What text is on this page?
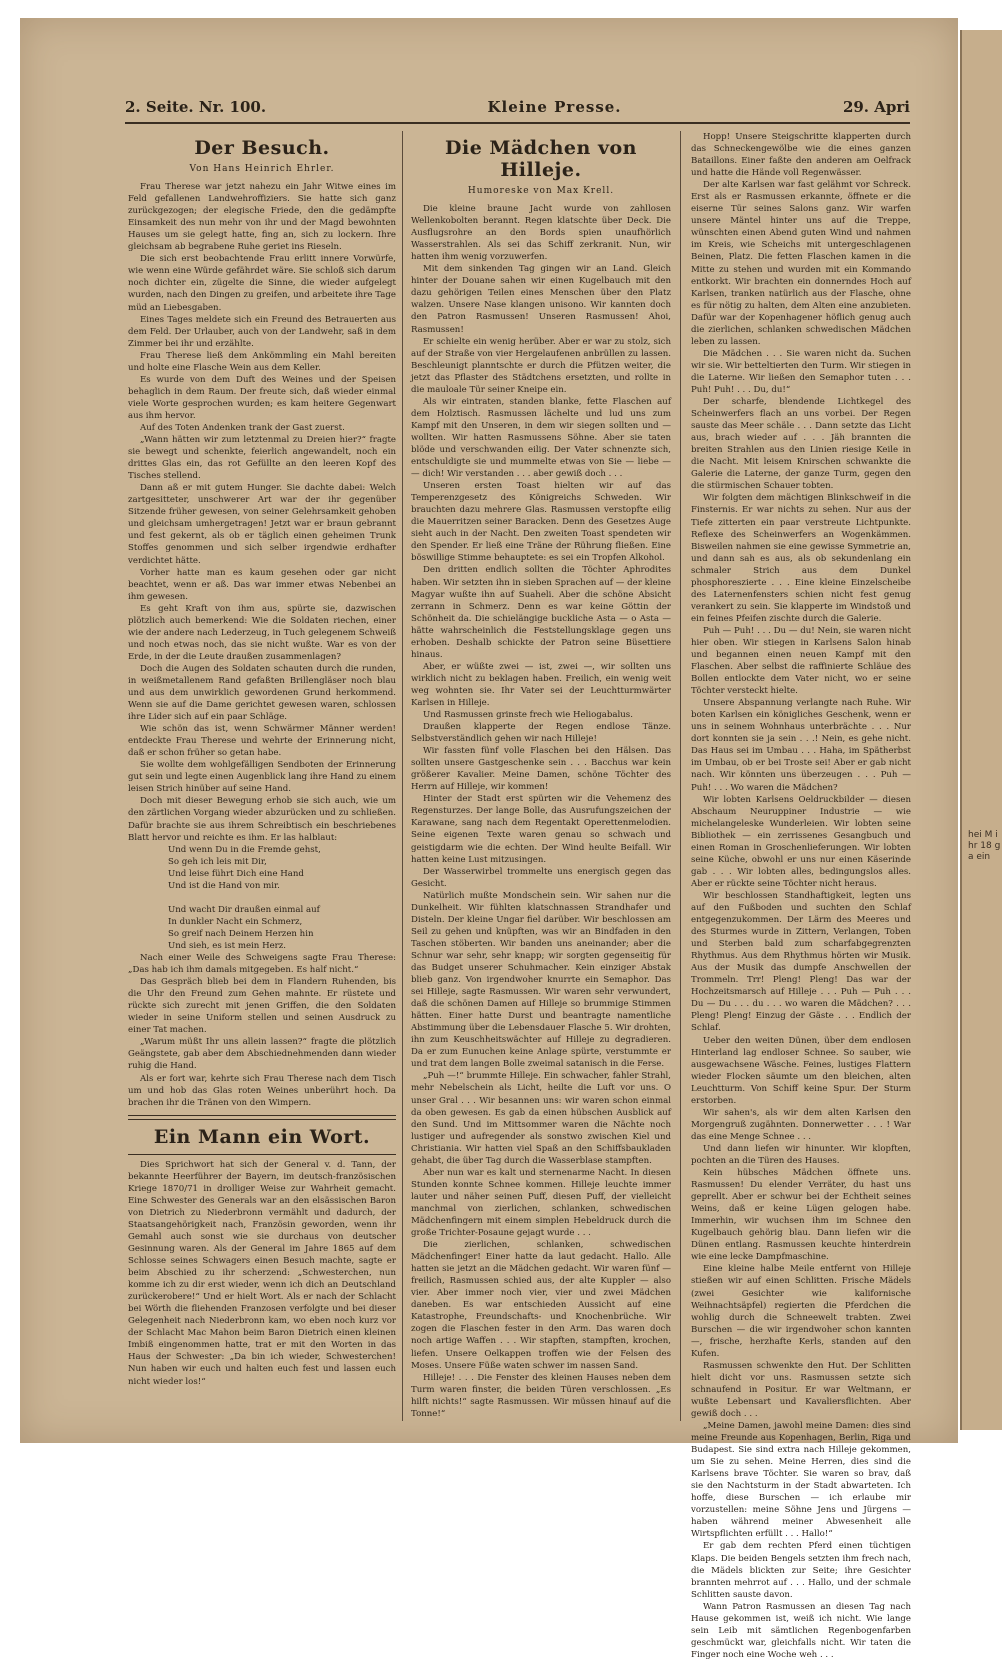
2. Seite. Nr. 100.	Kleine Presse.	29. Apri
Der Besuch.
Von Hans Heinrich Ehrler.

Frau Therese war jetzt nahezu ein Jahr Witwe eines im Feld gefallenen Landwehroffiziers. Sie hatte sich ganz zurückgezogen; der elegische Friede, den die gedämpfte Einsamkeit des nun mehr von ihr und der Magd bewohnten Hauses um sie gelegt hatte, fing an, sich zu lockern. Ihre gleichsam ab begrabene Ruhe geriet ins Rieseln.

Die sich erst beobachtende Frau erlitt innere Vorwürfe, wie wenn eine Würde gefährdet wäre. Sie schloß sich darum noch dichter ein, zügelte die Sinne, die wieder aufgelegt wurden, nach den Dingen zu greifen, und arbeitete ihre Tage müd an Liebesgaben.

Eines Tages meldete sich ein Freund des Betrauerten aus dem Feld. Der Urlauber, auch von der Landwehr, saß in dem Zimmer bei ihr und erzählte.

Frau Therese ließ dem Ankömmling ein Mahl bereiten und holte eine Flasche Wein aus dem Keller.

Es wurde von dem Duft des Weines und der Speisen behaglich in dem Raum. Der freute sich, daß wieder einmal viele Worte gesprochen wurden; es kam heitere Gegenwart aus ihm hervor.

Auf des Toten Andenken trank der Gast zuerst.

„Wann hätten wir zum letztenmal zu Dreien hier?“ fragte sie bewegt und schenkte, feierlich angewandelt, noch ein drittes Glas ein, das rot Gefüllte an den leeren Kopf des Tisches stellend.

Dann aß er mit gutem Hunger. Sie dachte dabei: Welch zartgesitteter, unschwerer Art war der ihr gegenüber Sitzende früher gewesen, von seiner Gelehrsamkeit gehoben und gleichsam umhergetragen! Jetzt war er braun gebrannt und fest gekernt, als ob er täglich einen geheimen Trunk Stoffes genommen und sich selber irgendwie erdhafter verdichtet hätte.

Vorher hatte man es kaum gesehen oder gar nicht beachtet, wenn er aß. Das war immer etwas Nebenbei an ihm gewesen.

Es geht Kraft von ihm aus, spürte sie, dazwischen plötzlich auch bemerkend: Wie die Soldaten riechen, einer wie der andere nach Lederzeug, in Tuch gelegenem Schweiß und noch etwas noch, das sie nicht wußte. War es von der Erde, in der die Leute draußen zusammenlagen?

Doch die Augen des Soldaten schauten durch die runden, in weißmetallenem Rand gefaßten Brillengläser noch blau und aus dem unwirklich gewordenen Grund herkommend. Wenn sie auf die Dame gerichtet gewesen waren, schlossen ihre Lider sich auf ein paar Schläge.

Wie schön das ist, wenn Schwärmer Männer werden! entdeckte Frau Therese und wehrte der Erinnerung nicht, daß er schon früher so getan habe.

Sie wollte dem wohlgefälligen Sendboten der Erinnerung gut sein und legte einen Augenblick lang ihre Hand zu einem leisen Strich hinüber auf seine Hand.

Doch mit dieser Bewegung erhob sie sich auch, wie um den zärtlichen Vorgang wieder abzurücken und zu schließen. Dafür brachte sie aus ihrem Schreibtisch ein beschriebenes Blatt hervor und reichte es ihm. Er las halblaut:

Und wenn Du in die Fremde gehst,

So geh ich leis mit Dir,

Und leise führt Dich eine Hand

Und ist die Hand von mir.

Und wacht Dir draußen einmal auf

In dunkler Nacht ein Schmerz,

So greif nach Deinem Herzen hin

Und sieh, es ist mein Herz.

Nach einer Weile des Schweigens sagte Frau Therese: „Das hab ich ihm damals mitgegeben. Es half nicht.“

Das Gespräch blieb bei dem in Flandern Ruhenden, bis die Uhr den Freund zum Gehen mahnte. Er rüstete und rückte sich zurecht mit jenen Griffen, die den Soldaten wieder in seine Uniform stellen und seinen Ausdruck zu einer Tat machen.

„Warum müßt Ihr uns allein lassen?“ fragte die plötzlich Geängstete, gab aber dem Abschiednehmenden dann wieder ruhig die Hand.

Als er fort war, kehrte sich Frau Therese nach dem Tisch um und hob das Glas roten Weines unberührt hoch. Da brachen ihr die Tränen von den Wimpern.

Ein Mann ein Wort.

Dies Sprichwort hat sich der General v. d. Tann, der bekannte Heerführer der Bayern, im deutsch-französischen Kriege 1870/71 in drolliger Weise zur Wahrheit gemacht. Eine Schwester des Generals war an den elsässischen Baron von Dietrich zu Niederbronn vermählt und dadurch, der Staatsangehörigkeit nach, Französin geworden, wenn ihr Gemahl auch sonst wie sie durchaus von deutscher Gesinnung waren. Als der General im Jahre 1865 auf dem Schlosse seines Schwagers einen Besuch machte, sagte er beim Abschied zu ihr scherzend: „Schwesterchen, nun komme ich zu dir erst wieder, wenn ich dich an Deutschland zurückerobere!“ Und er hielt Wort. Als er nach der Schlacht bei Wörth die fliehenden Franzosen verfolgte und bei dieser Gelegenheit nach Niederbronn kam, wo eben noch kurz vor der Schlacht Mac Mahon beim Baron Dietrich einen kleinen Imbiß eingenommen hatte, trat er mit den Worten in das Haus der Schwester: „Da bin ich wieder, Schwesterchen! Nun haben wir euch und halten euch fest und lassen euch nicht wieder los!“

Die Mädchen von Hilleje.
Humoreske von Max Krell.

Die kleine braune Jacht wurde von zahllosen Wellenkobolten berannt. Regen klatschte über Deck. Die Ausflugsrohre an den Bords spien unaufhörlich Wasserstrahlen. Als sei das Schiff zerkranit. Nun, wir hatten ihm wenig vorzuwerfen.

Mit dem sinkenden Tag gingen wir an Land. Gleich hinter der Douane sahen wir einen Kugelbauch mit den dazu gehörigen Teilen eines Menschen über den Platz walzen. Unsere Nase klangen unisono. Wir kannten doch den Patron Rasmussen! Unseren Rasmussen! Ahoi, Rasmussen!

Er schielte ein wenig herüber. Aber er war zu stolz, sich auf der Straße von vier Hergelaufenen anbrüllen zu lassen. Beschleunigt planntschte er durch die Pfützen weiter, die jetzt das Pflaster des Städtchens ersetzten, und rollte in die mauloale Tür seiner Kneipe ein.

Als wir eintraten, standen blanke, fette Flaschen auf dem Holztisch. Rasmussen lächelte und lud uns zum Kampf mit den Unseren, in dem wir siegen sollten und — wollten. Wir hatten Rasmussens Söhne. Aber sie taten blöde und verschwanden eilig. Der Vater schnenzte sich, entschuldigte sie und mummelte etwas von Sie — liebe — — dich! Wir verstanden . . . aber gewiß doch . . .

Unseren ersten Toast hielten wir auf das Temperenzgesetz des Königreichs Schweden. Wir brauchten dazu mehrere Glas. Rasmussen verstopfte eilig die Mauerritzen seiner Baracken. Denn des Gesetzes Auge sieht auch in der Nacht. Den zweiten Toast spendeten wir den Spender. Er ließ eine Träne der Rührung fließen. Eine böswillige Stimme behauptete: es sei ein Tropfen Alkohol.

Den dritten endlich sollten die Töchter Aphrodites haben. Wir setzten ihn in sieben Sprachen auf — der kleine Magyar wußte ihn auf Suaheli. Aber die schöne Absicht zerrann in Schmerz. Denn es war keine Göttin der Schönheit da. Die schielängige buckliche Asta — o Asta — hätte wahrscheinlich die Feststellungsklage gegen uns erhoben. Deshalb schickte der Patron seine Büsettiere hinaus.

Aber, er wüßte zwei — ist, zwei —, wir sollten uns wirklich nicht zu beklagen haben. Freilich, ein wenig weit weg wohnten sie. Ihr Vater sei der Leuchtturmwärter Karlsen in Hilleje.

Und Rasmussen grinste frech wie Heliogabalus.

Draußen klapperte der Regen endlose Tänze. Selbstverständlich gehen wir nach Hilleje!

Wir fassten fünf volle Flaschen bei den Hälsen. Das sollten unsere Gastgeschenke sein . . . Bacchus war kein größerer Kavalier. Meine Damen, schöne Töchter des Herrn auf Hilleje, wir kommen!

Hinter der Stadt erst spürten wir die Vehemenz des Regensturzes. Der lange Bolle, das Ausrufungszeichen der Karawane, sang nach dem Regentakt Operettenmelodien. Seine eigenen Texte waren genau so schwach und geistigdarm wie die echten. Der Wind heulte Beifall. Wir hatten keine Lust mitzusingen.

Der Wasserwirbel trommelte uns energisch gegen das Gesicht.

Natürlich mußte Mondschein sein. Wir sahen nur die Dunkelheit. Wir fühlten klatschnassen Strandhafer und Disteln. Der kleine Ungar fiel darüber. Wir beschlossen am Seil zu gehen und knüpften, was wir an Bindfaden in den Taschen stöberten. Wir banden uns aneinander; aber die Schnur war sehr, sehr knapp; wir sorgten gegenseitig für das Budget unserer Schuhmacher. Kein einziger Abstak blieb ganz. Von irgendwoher knurrte ein Semaphor. Das sei Hilleje, sagte Rasmussen. Wir waren sehr verwundert, daß die schönen Damen auf Hilleje so brummige Stimmen hätten. Einer hatte Durst und beantragte namentliche Abstimmung über die Lebensdauer Flasche 5. Wir drohten, ihn zum Keuschheitswächter auf Hilleje zu degradieren. Da er zum Eunuchen keine Anlage spürte, verstummte er und trat dem langen Bolle zweimal satanisch in die Ferse.

„Puh —!“ brummte Hilleje. Ein schwacher, fahler Strahl, mehr Nebelschein als Licht, heilte die Luft vor uns. O unser Gral . . . Wir besannen uns: wir waren schon einmal da oben gewesen. Es gab da einen hübschen Ausblick auf den Sund. Und im Mittsommer waren die Nächte noch lustiger und aufregender als sonstwo zwischen Kiel und Christiania. Wir hatten viel Spaß an den Schiffsbaukladen gehabt, die über Tag durch die Wasserblase stampften.

Aber nun war es kalt und sternenarme Nacht. In diesen Stunden konnte Schnee kommen. Hilleje leuchte immer lauter und näher seinen Puff, diesen Puff, der vielleicht manchmal von zierlichen, schlanken, schwedischen Mädchenfingern mit einem simplen Hebeldruck durch die große Trichter-Posaune gejagt wurde . . .

Die zierlichen, schlanken, schwedischen Mädchenfinger! Einer hatte da laut gedacht. Hallo. Alle hatten sie jetzt an die Mädchen gedacht. Wir waren fünf — freilich, Rasmussen schied aus, der alte Kuppler — also vier. Aber immer noch vier, vier und zwei Mädchen daneben. Es war entschieden Aussicht auf eine Katastrophe, Freundschafts- und Knochenbrüche. Wir zogen die Flaschen fester in den Arm. Das waren doch noch artige Waffen . . . Wir stapften, stampften, krochen, liefen. Unsere Oelkappen troffen wie der Felsen des Moses. Unsere Füße waten schwer im nassen Sand.

Hilleje! . . . Die Fenster des kleinen Hauses neben dem Turm waren finster, die beiden Türen verschlossen. „Es hilft nichts!“ sagte Rasmussen. Wir müssen hinauf auf die Tonne!“

Hopp! Unsere Steigschritte klapperten durch das Schneckengewölbe wie die eines ganzen Bataillons. Einer faßte den anderen am Oelfrack und hatte die Hände voll Regenwässer.

Der alte Karlsen war fast gelähmt vor Schreck. Erst als er Rasmussen erkannte, öffnete er die eiserne Tür seines Salons ganz. Wir warfen unsere Mäntel hinter uns auf die Treppe, wünschten einen Abend guten Wind und nahmen im Kreis, wie Scheichs mit untergeschlagenen Beinen, Platz. Die fetten Flaschen kamen in die Mitte zu stehen und wurden mit ein Kommando entkorkt. Wir brachten ein donnerndes Hoch auf Karlsen, tranken natürlich aus der Flasche, ohne es für nötig zu halten, dem Alten eine anzubieten. Dafür war der Kopenhagener höflich genug auch die zierlichen, schlanken schwedischen Mädchen leben zu lassen.

Die Mädchen . . . Sie waren nicht da. Suchen wir sie. Wir betteltierten den Turm. Wir stiegen in die Laterne. Wir ließen den Semaphor tuten . . . Puh! Puh! . . . Du, du!“

Der scharfe, blendende Lichtkegel des Scheinwerfers flach an uns vorbei. Der Regen sauste das Meer schäle . . . Dann setzte das Licht aus, brach wieder auf . . . Jäh brannten die breiten Strahlen aus den Linien riesige Keile in die Nacht. Mit leisem Knirschen schwankte die Galerie die Laterne, der ganze Turm, gegen den die stürmischen Schauer tobten.

Wir folgten dem mächtigen Blinkschweif in die Finsternis. Er war nichts zu sehen. Nur aus der Tiefe zitterten ein paar verstreute Lichtpunkte. Reflexe des Scheinwerfers an Wogenkämmen. Bisweilen nahmen sie eine gewisse Symmetrie an, und dann sah es aus, als ob sekundenlang ein schmaler Strich aus dem Dunkel phosphoreszierte . . . Eine kleine Einzelscheibe des Laternenfensters schien nicht fest genug verankert zu sein. Sie klapperte im Windstoß und ein feines Pfeifen zischte durch die Galerie.

Puh — Puh! . . . Du — du! Nein, sie waren nicht hier oben. Wir stiegen in Karlsens Salon hinab und begannen einen neuen Kampf mit den Flaschen. Aber selbst die raffinierte Schläue des Bollen entlockte dem Vater nicht, wo er seine Töchter versteckt hielte.

Unsere Abspannung verlangte nach Ruhe. Wir boten Karlsen ein königliches Geschenk, wenn er uns in seinem Wohnhaus unterbrächte . . . Nur dort konnten sie ja sein . . .! Nein, es gehe nicht. Das Haus sei im Umbau . . . Haha, im Spätherbst im Umbau, ob er bei Troste sei! Aber er gab nicht nach. Wir könnten uns überzeugen . . . Puh — Puh! . . . Wo waren die Mädchen?

Wir lobten Karlsens Oeldruckbilder — diesen Abschaum Neuruppiner Industrie — wie michelangeleske Wunderleien. Wir lobten seine Bibliothek — ein zerrissenes Gesangbuch und einen Roman in Groschenlieferungen. Wir lobten seine Küche, obwohl er uns nur einen Käserinde gab . . . Wir lobten alles, bedingungslos alles. Aber er rückte seine Töchter nicht heraus.

Wir beschlossen Standhaftigkeit, legten uns auf den Fußboden und suchten den Schlaf entgegenzukommen. Der Lärm des Meeres und des Sturmes wurde in Zittern, Verlangen, Toben und Sterben bald zum scharfabgegrenzten Rhythmus. Aus dem Rhythmus hörten wir Musik. Aus der Musik das dumpfe Anschwellen der Trommeln. Trr! Pleng! Pleng! Das war der Hochzeitsmarsch auf Hilleje . . . Puh — Puh . . . Du — Du . . . du . . . wo waren die Mädchen? . . . Pleng! Pleng! Einzug der Gäste . . . Endlich der Schlaf.

Ueber den weiten Dünen, über dem endlosen Hinterland lag endloser Schnee. So sauber, wie ausgewachsene Wäsche. Feines, lustiges Flattern wieder Flocken säumte um den bleichen, alten Leuchtturm. Von Schiff keine Spur. Der Sturm erstorben.

Wir sahen's, als wir dem alten Karlsen den Morgengruß zugähnten. Donnerwetter . . . ! War das eine Menge Schnee . . .

Und dann liefen wir hinunter. Wir klopften, pochten an die Türen des Hauses.

Kein hübsches Mädchen öffnete uns. Rasmussen! Du elender Verräter, du hast uns geprellt. Aber er schwur bei der Echtheit seines Weins, daß er keine Lügen gelogen habe. Immerhin, wir wuchsen ihm im Schnee den Kugelbauch gehörig blau. Dann liefen wir die Dünen entlang. Rasmussen keuchte hinterdrein wie eine lecke Dampfmaschine.

Eine kleine halbe Meile entfernt von Hilleje stießen wir auf einen Schlitten. Frische Mädels (zwei Gesichter wie kalifornische Weihnachtsäpfel) regierten die Pferdchen die wohlig durch die Schneewelt trabten. Zwei Burschen — die wir irgendwoher schon kannten —, frische, herzhafte Kerls, standen auf den Kufen.

Rasmussen schwenkte den Hut. Der Schlitten hielt dicht vor uns. Rasmussen setzte sich schnaufend in Positur. Er war Weltmann, er wußte Lebensart und Kavaliersflichten. Aber gewiß doch . . .

„Meine Damen, jawohl meine Damen: dies sind meine Freunde aus Kopenhagen, Berlin, Riga und Budapest. Sie sind extra nach Hilleje gekommen, um Sie zu sehen. Meine Herren, dies sind die Karlsens brave Töchter. Sie waren so brav, daß sie den Nachtsturm in der Stadt abwarteten. Ich hoffe, diese Burschen — ich erlaube mir vorzustellen: meine Söhne Jens und Jürgens — haben während meiner Abwesenheit alle Wirtspflichten erfüllt . . . Hallo!“

Er gab dem rechten Pferd einen tüchtigen Klaps. Die beiden Bengels setzten ihm frech nach, die Mädels blickten zur Seite; ihre Gesichter brannten mehrrot auf . . . Hallo, und der schmale Schlitten sauste davon.

Wann Patron Rasmussen an diesen Tag nach Hause gekommen ist, weiß ich nicht. Wie lange sein Leib mit sämtlichen Regenbogenfarben geschmückt war, gleichfalls nicht. Wir taten die Finger noch eine Woche weh . . .

hei M ihr 18 ga ein
